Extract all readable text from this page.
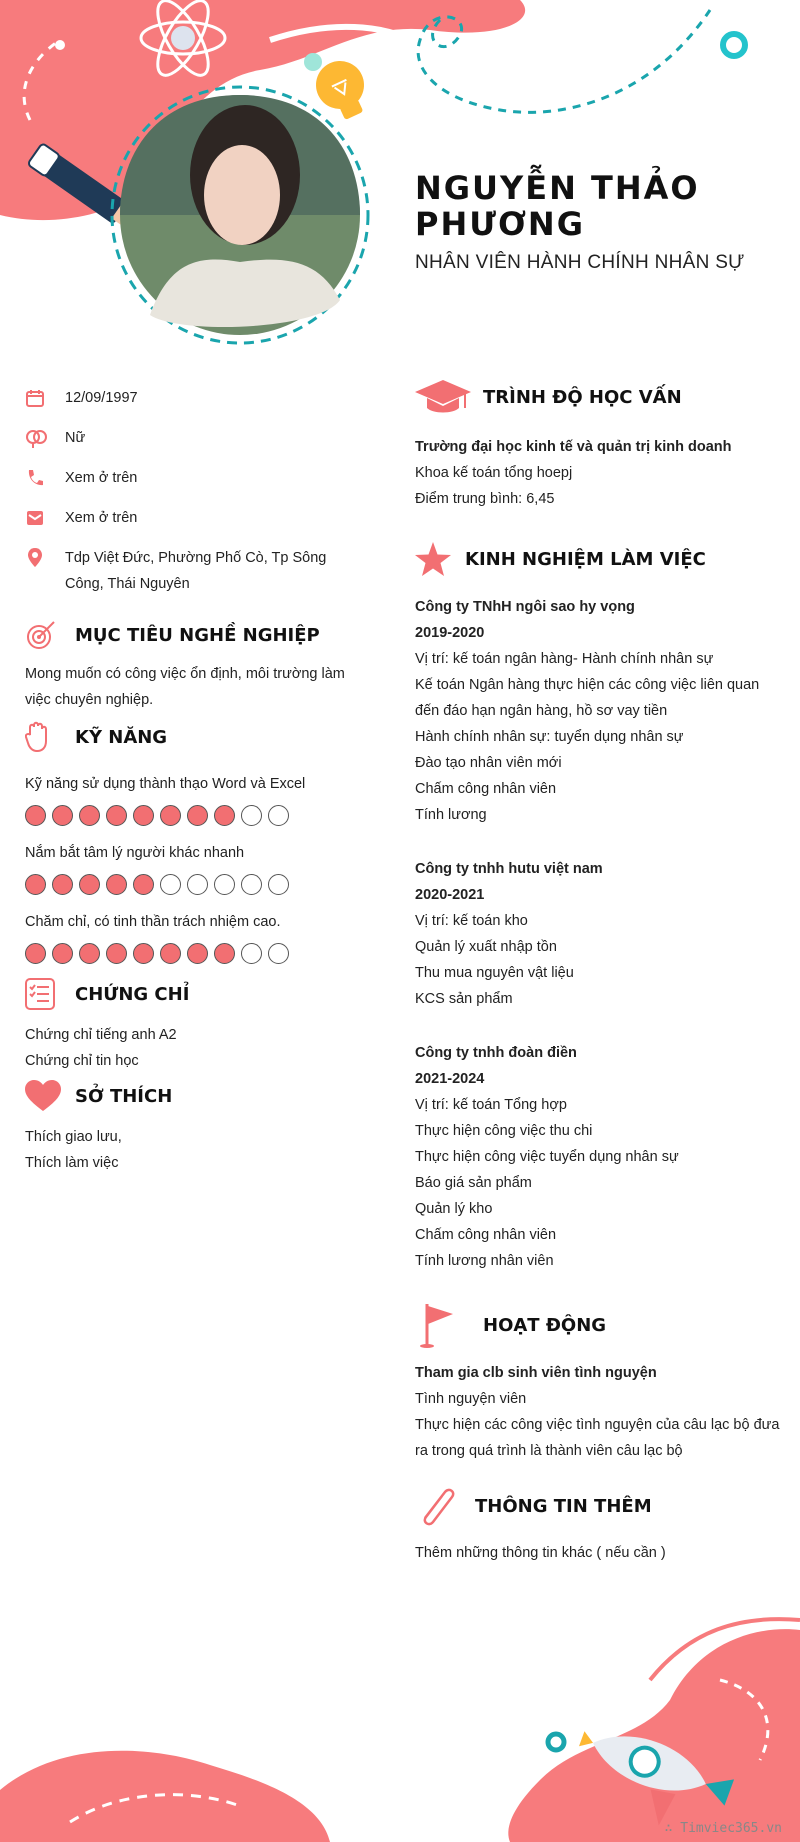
NGUYỄN THẢO
PHƯƠNG
NHÂN VIÊN HÀNH CHÍNH NHÂN SỰ
12/09/1997
Nữ
Xem ở trên
Xem ở trên
Tdp Việt Đức, Phường Phố Cò, Tp Sông Công, Thái Nguyên
MỤC TIÊU NGHỀ NGHIỆP
Mong muốn có công việc ổn định, môi trường làm việc chuyên nghiệp.
KỸ NĂNG
Kỹ năng sử dụng thành thạo Word và Excel
Nắm bắt tâm lý người khác nhanh
Chăm chỉ, có tinh thần trách nhiệm cao.
CHỨNG CHỈ
Chứng chỉ tiếng anh A2
Chứng chỉ tin học
SỞ THÍCH
Thích giao lưu,
Thích làm việc
TRÌNH ĐỘ HỌC VẤN
Trường đại học kinh tế và quản trị kinh doanh
Khoa kế toán tổng hoepj
Điểm trung bình: 6,45
KINH NGHIỆM LÀM VIỆC
Công ty TNhH ngôi sao hy vọng
2019-2020
Vị trí: kế toán ngân hàng- Hành chính nhân sự
Kế toán Ngân hàng thực hiện các công việc liên quan đến đáo hạn ngân hàng, hồ sơ vay tiền
Hành chính nhân sự: tuyển dụng nhân sự
Đào tạo nhân viên mới
Chấm công nhân viên
Tính lương
Công ty tnhh hutu việt nam
2020-2021
Vị trí: kế toán kho
Quản lý xuất nhập tồn
Thu mua nguyên vật liệu
KCS sản phẩm
Công ty tnhh đoàn điền
2021-2024
Vị trí: kế toán Tổng hợp
Thực hiện công việc thu chi
Thực hiện công việc tuyển dụng nhân sự
Báo giá sản phẩm
Quản lý kho
Chấm công nhân viên
Tính lương nhân viên
HOẠT ĐỘNG
Tham gia clb sinh viên tình nguyện
Tình nguyện viên
Thực hiện các công việc tình nguyện của câu lạc bộ đưa ra trong quá trình là thành viên câu lạc bộ
THÔNG TIN THÊM
Thêm những thông tin khác ( nếu cần )
∴ Timviec365.vn
